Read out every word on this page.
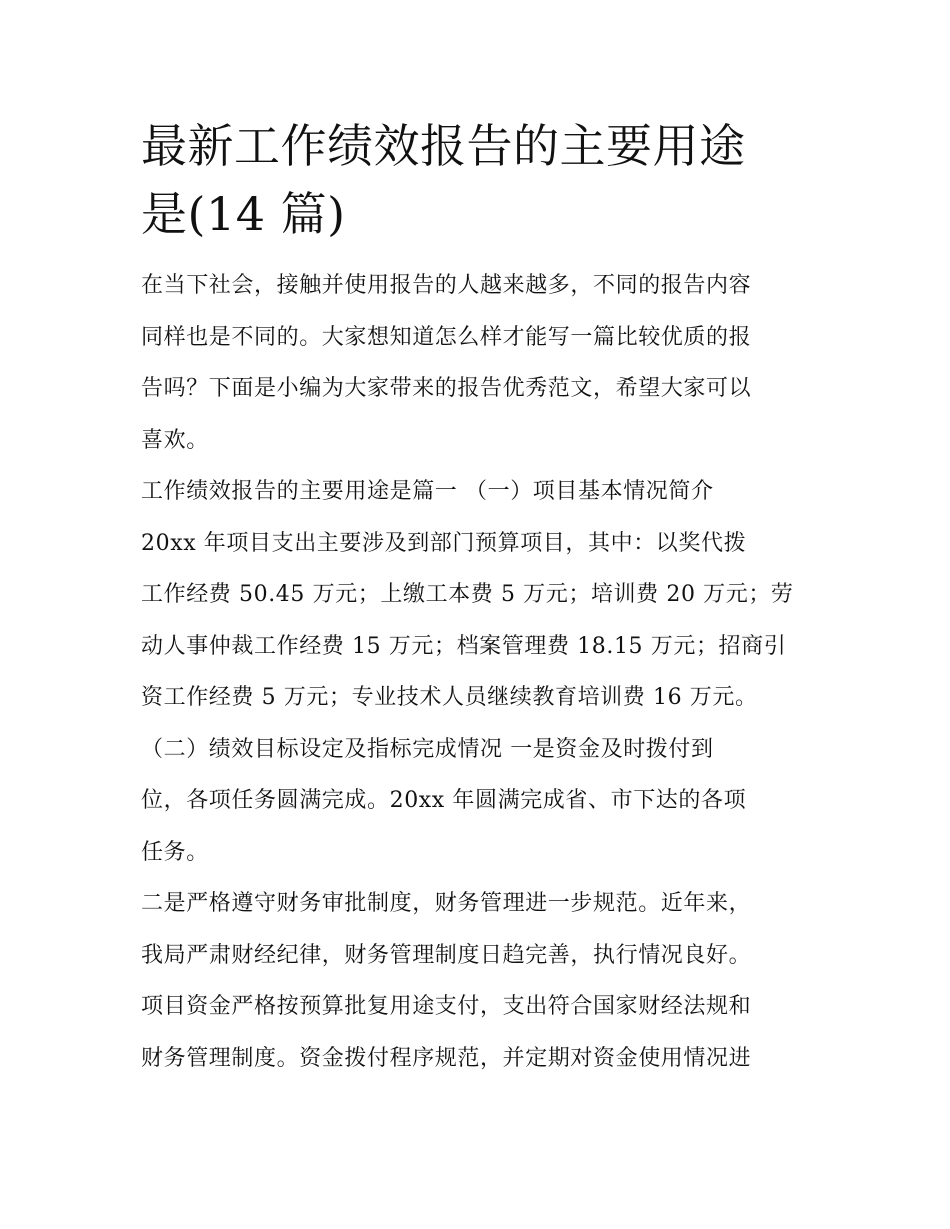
最新工作绩效报告的主要用途
是(14 篇)

在当下社会，接触并使用报告的人越来越多，不同的报告内容
同样也是不同的。大家想知道怎么样才能写一篇比较优质的报
告吗？下面是小编为大家带来的报告优秀范文，希望大家可以
喜欢。

工作绩效报告的主要用途是篇一 （一）项目基本情况简介
20xx 年项目支出主要涉及到部门预算项目，其中：以奖代拨
工作经费 50.45 万元；上缴工本费 5 万元；培训费 20 万元；劳
动人事仲裁工作经费 15 万元；档案管理费 18.15 万元；招商引
资工作经费 5 万元；专业技术人员继续教育培训费 16 万元。

（二）绩效目标设定及指标完成情况 一是资金及时拨付到
位，各项任务圆满完成。20xx 年圆满完成省、市下达的各项
任务。

二是严格遵守财务审批制度，财务管理进一步规范。近年来，
我局严肃财经纪律，财务管理制度日趋完善，执行情况良好。
项目资金严格按预算批复用途支付，支出符合国家财经法规和
财务管理制度。资金拨付程序规范，并定期对资金使用情况进
